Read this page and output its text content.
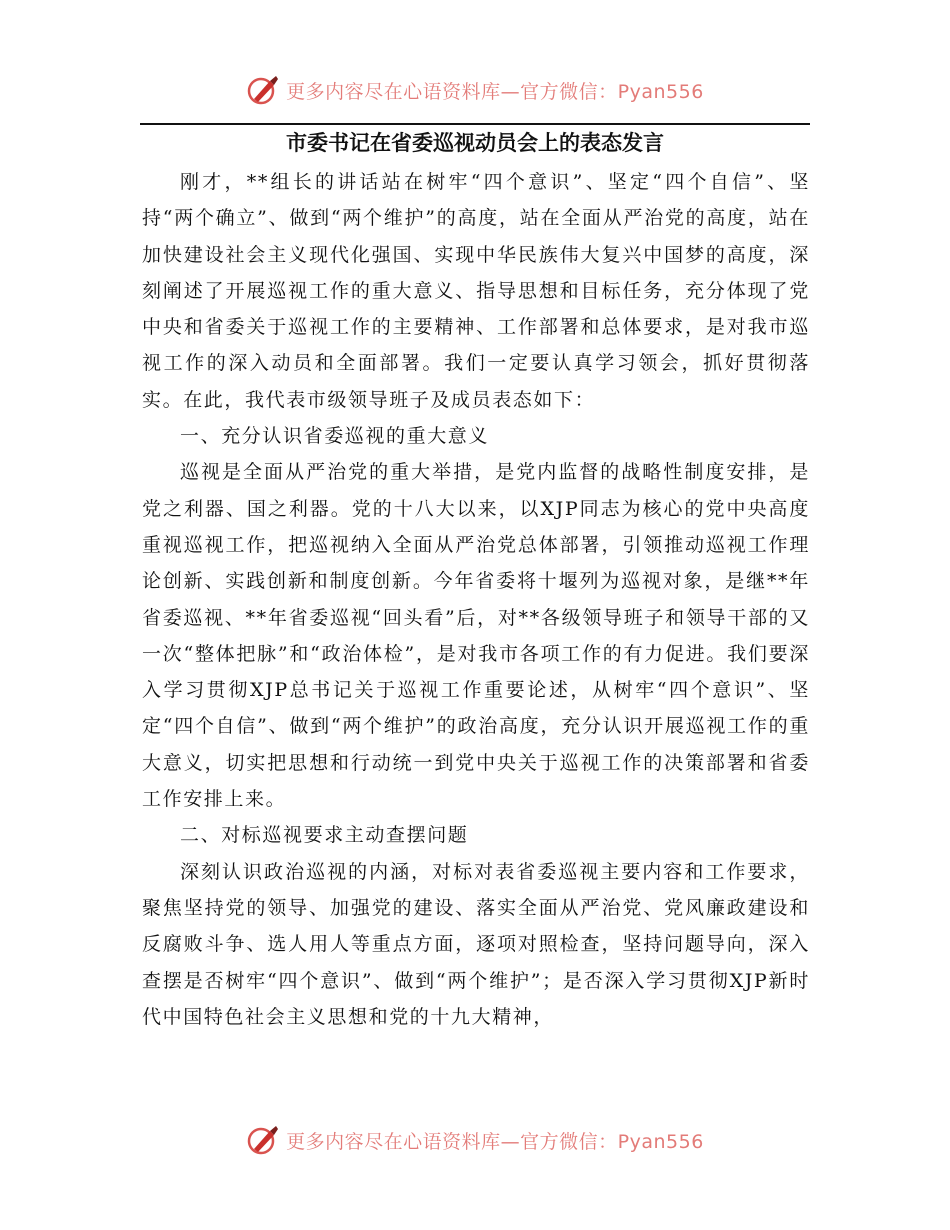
更多内容尽在心语资料库—官方微信：Pyan556
市委书记在省委巡视动员会上的表态发言

刚才，**组长的讲话站在树牢“四个意识”、坚定“四个自信”、坚持“两个确立”、做到“两个维护”的高度，站在全面从严治党的高度，站在加快建设社会主义现代化强国、实现中华民族伟大复兴中国梦的高度，深刻阐述了开展巡视工作的重大意义、指导思想和目标任务，充分体现了党中央和省委关于巡视工作的主要精神、工作部署和总体要求，是对我市巡视工作的深入动员和全面部署。我们一定要认真学习领会，抓好贯彻落实。在此，我代表市级领导班子及成员表态如下：

一、充分认识省委巡视的重大意义

巡视是全面从严治党的重大举措，是党内监督的战略性制度安排，是党之利器、国之利器。党的十八大以来，以XJP同志为核心的党中央高度重视巡视工作，把巡视纳入全面从严治党总体部署，引领推动巡视工作理论创新、实践创新和制度创新。今年省委将十堰列为巡视对象，是继**年省委巡视、**年省委巡视“回头看”后，对**各级领导班子和领导干部的又一次“整体把脉”和“政治体检”，是对我市各项工作的有力促进。我们要深入学习贯彻XJP总书记关于巡视工作重要论述，从树牢“四个意识”、坚定“四个自信”、做到“两个维护”的政治高度，充分认识开展巡视工作的重大意义，切实把思想和行动统一到党中央关于巡视工作的决策部署和省委工作安排上来。

二、对标巡视要求主动查摆问题

深刻认识政治巡视的内涵，对标对表省委巡视主要内容和工作要求，聚焦坚持党的领导、加强党的建设、落实全面从严治党、党风廉政建设和反腐败斗争、选人用人等重点方面，逐项对照检查，坚持问题导向，深入查摆是否树牢“四个意识”、做到“两个维护”；是否深入学习贯彻XJP新时代中国特色社会主义思想和党的十九大精神，

更多内容尽在心语资料库—官方微信：Pyan556
